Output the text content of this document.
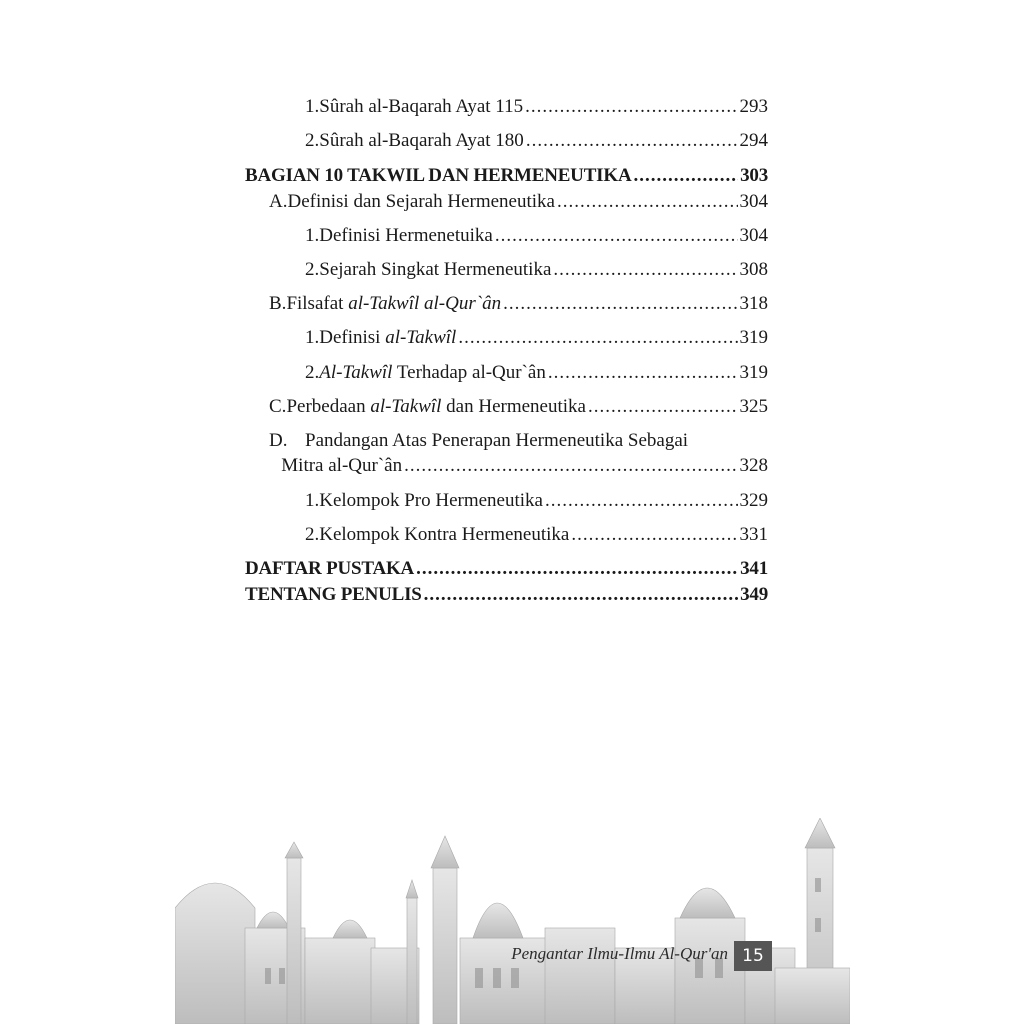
1. Sûrah al-Baqarah Ayat 115 .....	293
2. Sûrah al-Baqarah Ayat 180 .....	294
BAGIAN 10 TAKWIL DAN HERMENEUTIKA .....	303
A. Definisi dan Sejarah Hermeneutika .....	304
1. Definisi Hermenetuika .....	304
2. Sejarah Singkat Hermeneutika .....	308
B. Filsafat al-Takwîl al-Qur`ân .....	318
1. Definisi al-Takwîl .....	319
2. Al-Takwîl Terhadap al-Qur`ân .....	319
C. Perbedaan al-Takwîl dan Hermeneutika .....	325
D. Pandangan Atas Penerapan Hermeneutika Sebagai
Mitra al-Qur`ân .....	328
1. Kelompok Pro Hermeneutika .....	329
2. Kelompok Kontra Hermeneutika .....	331
DAFTAR PUSTAKA .....	341
TENTANG PENULIS .....	349
Pengantar Ilmu-Ilmu Al-Qur'an 15
